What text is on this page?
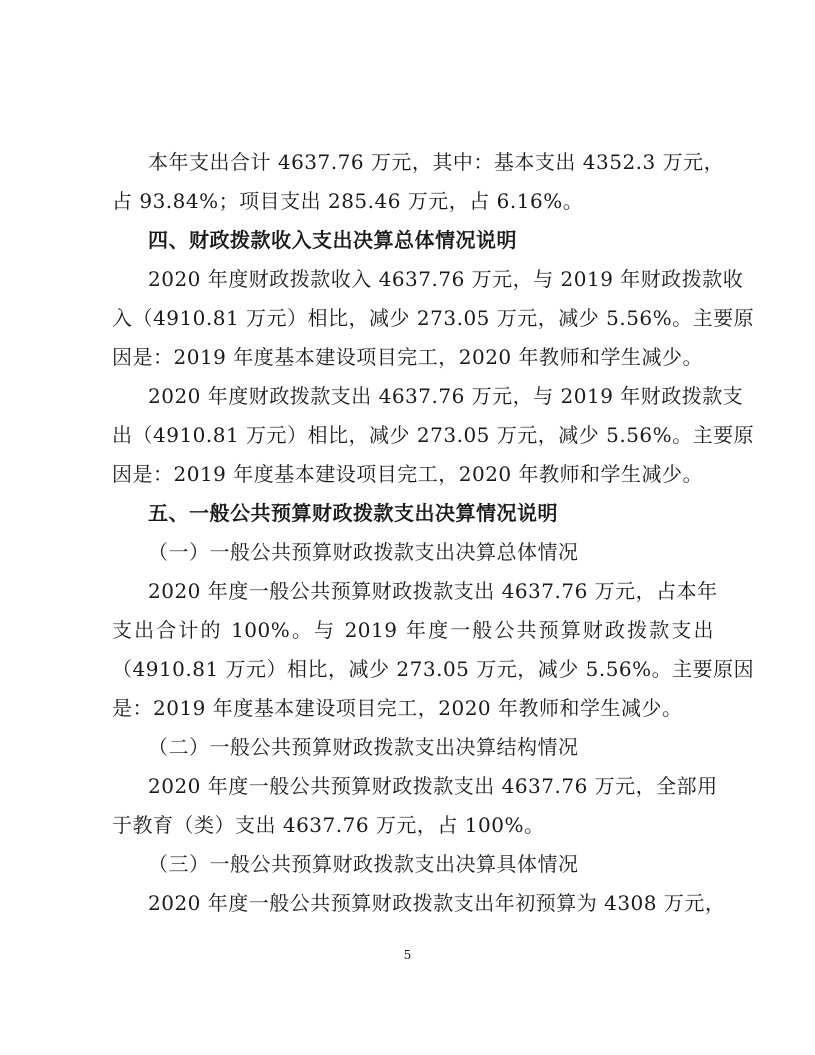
本年支出合计 4637.76 万元，其中：基本支出 4352.3 万元，
占 93.84%；项目支出 285.46 万元，占 6.16%。
四、财政拨款收入支出决算总体情况说明
2020 年度财政拨款收入 4637.76 万元，与 2019 年财政拨款收
入（4910.81 万元）相比，减少 273.05 万元，减少 5.56%。主要原
因是：2019 年度基本建设项目完工，2020 年教师和学生减少。
2020 年度财政拨款支出 4637.76 万元，与 2019 年财政拨款支
出（4910.81 万元）相比，减少 273.05 万元，减少 5.56%。主要原
因是：2019 年度基本建设项目完工，2020 年教师和学生减少。
五、一般公共预算财政拨款支出决算情况说明
（一）一般公共预算财政拨款支出决算总体情况
2020 年度一般公共预算财政拨款支出 4637.76 万元，占本年
支出合计的 100%。与 2019 年度一般公共预算财政拨款支出
（4910.81 万元）相比，减少 273.05 万元，减少 5.56%。主要原因
是：2019 年度基本建设项目完工，2020 年教师和学生减少。
（二）一般公共预算财政拨款支出决算结构情况
2020 年度一般公共预算财政拨款支出 4637.76 万元，全部用
于教育（类）支出 4637.76 万元，占 100%。
（三）一般公共预算财政拨款支出决算具体情况
2020 年度一般公共预算财政拨款支出年初预算为 4308 万元，
5
